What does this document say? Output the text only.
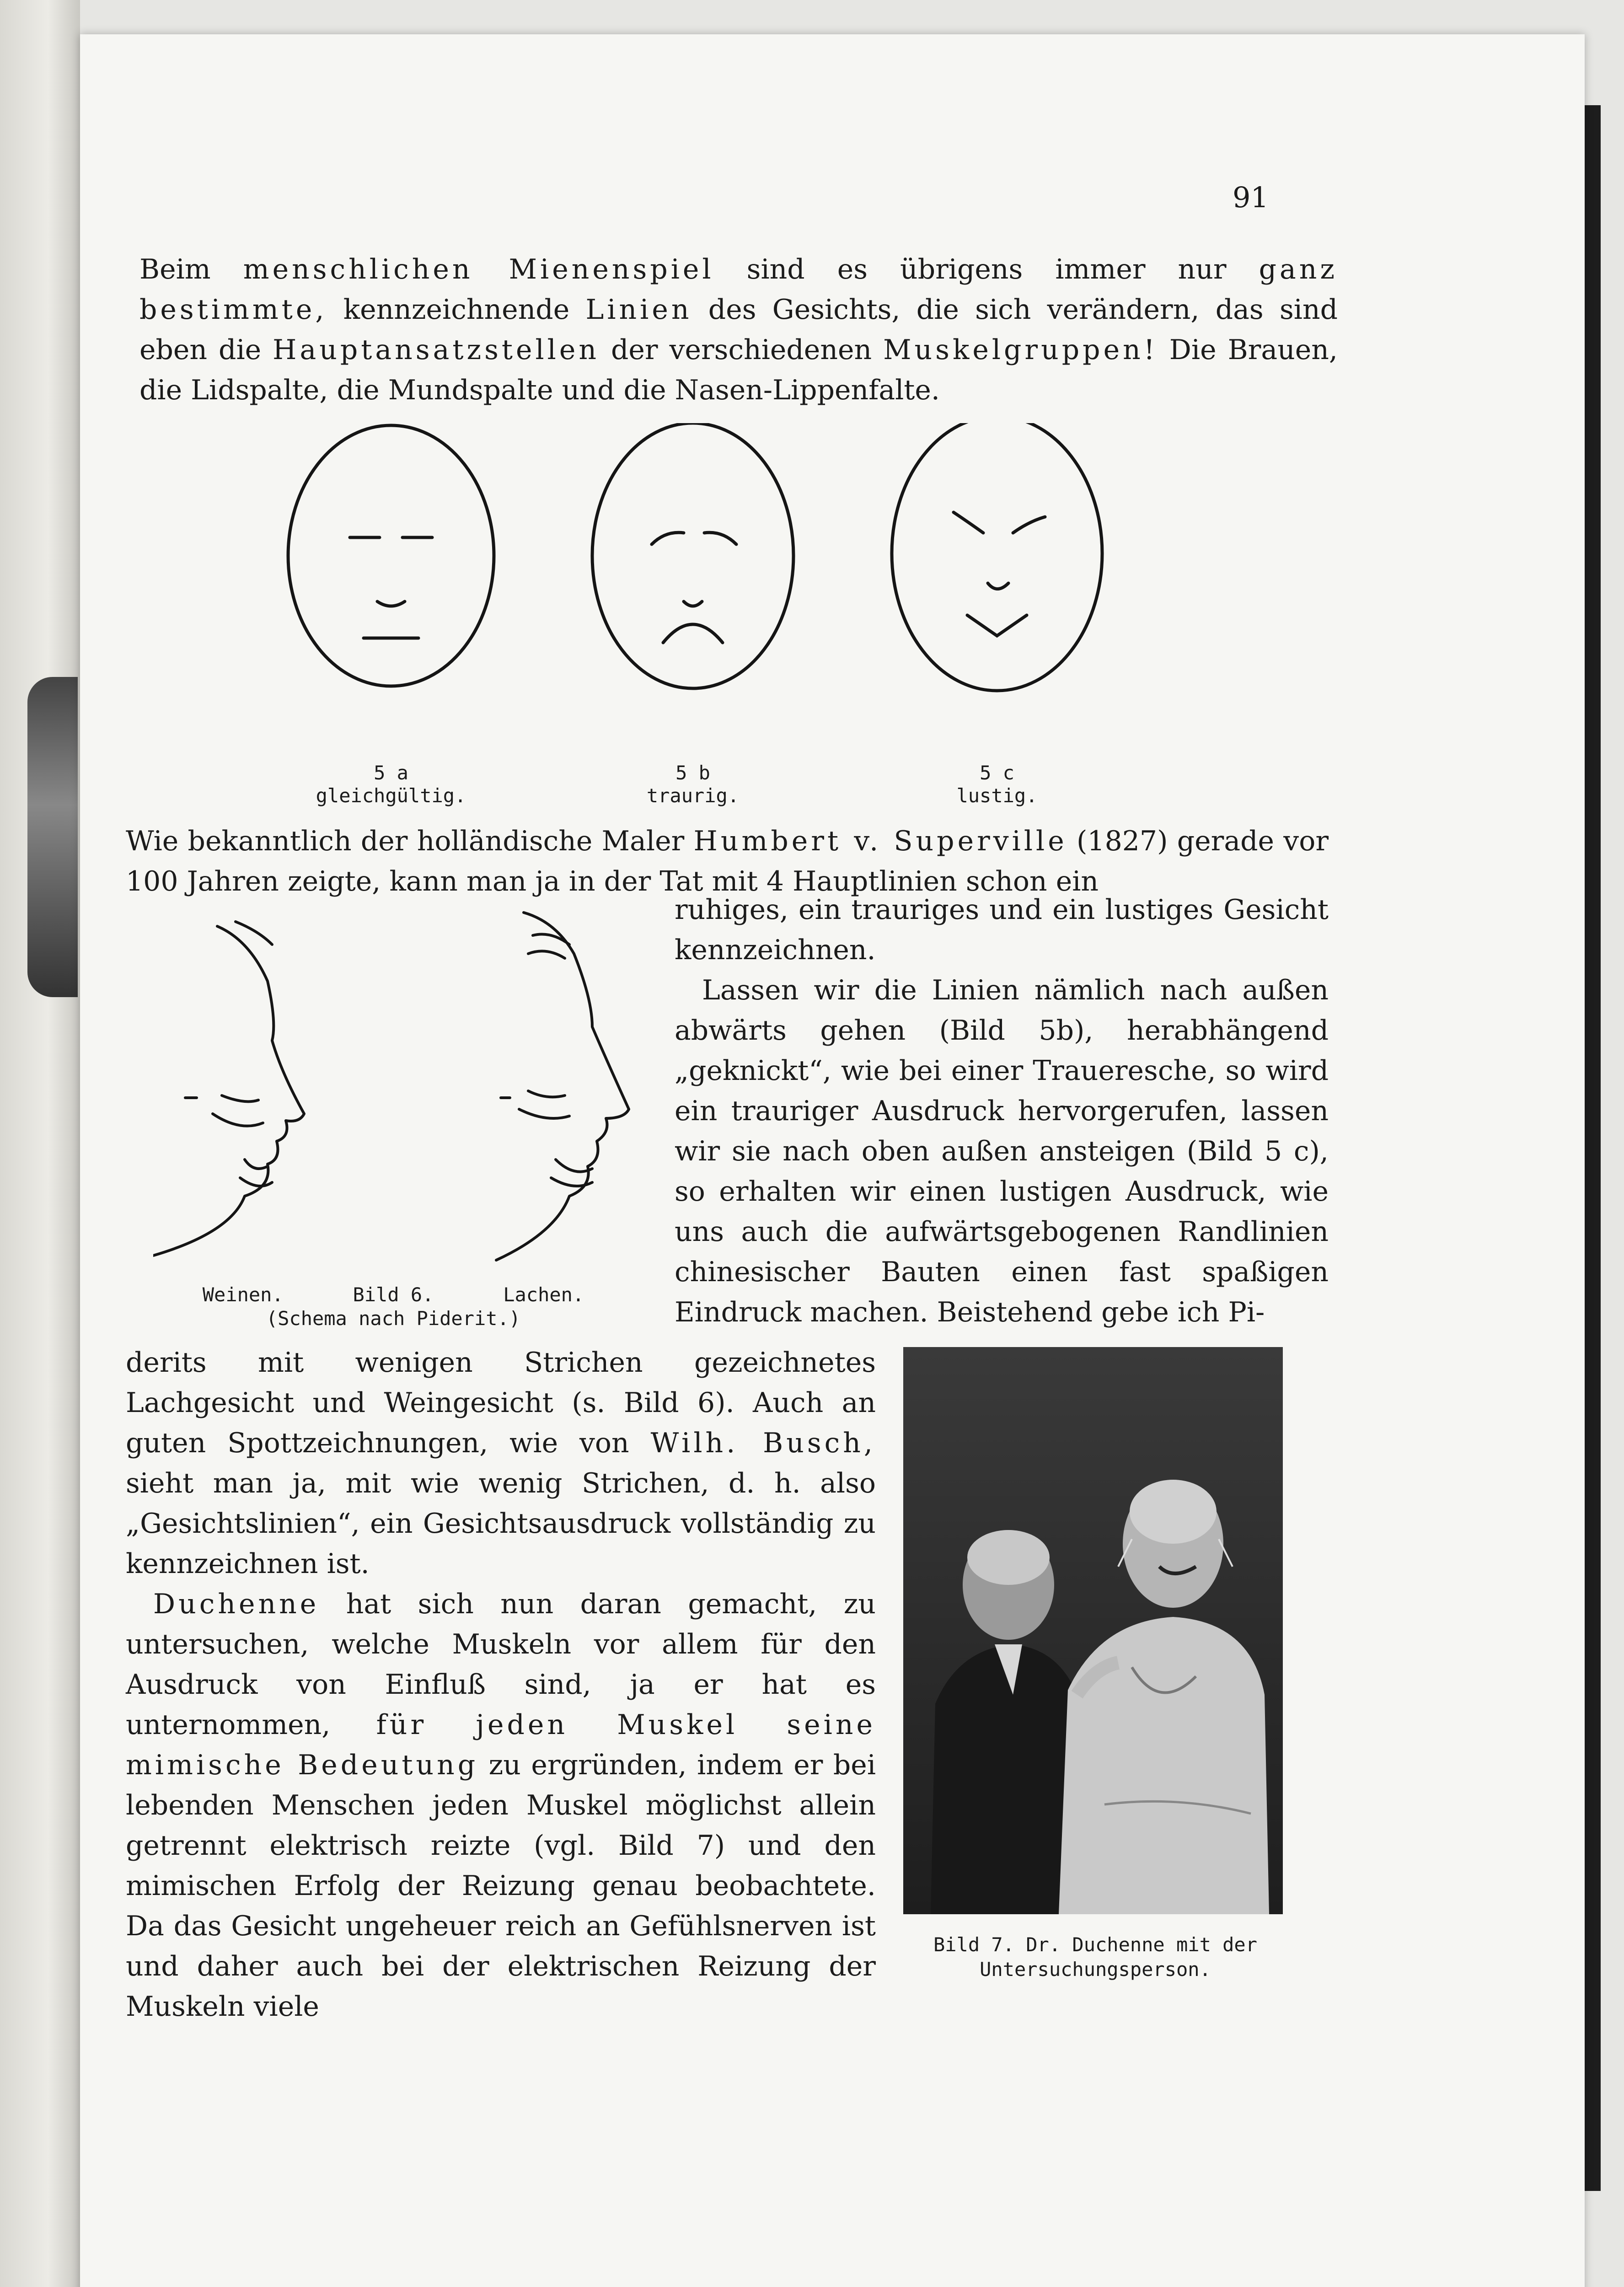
91

Beim menschlichen Mienenspiel sind es übrigens immer nur ganz bestimmte, kennzeichnende Linien des Gesichts, die sich verändern, das sind eben die Hauptansatzstellen der verschiedenen Muskelgruppen! Die Brauen, die Lidspalte, die Mundspalte und die Nasen-Lippenfalte.

5 a
gleichgültig.
5 b
traurig.
5 c
lustig.

Wie bekanntlich der holländische Maler Humbert v. Superville (1827) gerade vor 100 Jahren zeigte, kann man ja in der Tat mit 4 Hauptlinien schon ein

Weinen.	Bild 6.	Lachen.
(Schema nach Piderit.)

ruhiges, ein trauriges und ein lustiges Gesicht kennzeichnen.

Lassen wir die Linien nämlich nach außen abwärts gehen (Bild 5b), herabhängend „geknickt“, wie bei einer Traueresche, so wird ein trauriger Ausdruck hervorgerufen, lassen wir sie nach oben außen ansteigen (Bild 5 c), so erhalten wir einen lustigen Ausdruck, wie uns auch die aufwärtsgebogenen Randlinien chinesischer Bauten einen fast spaßigen Eindruck machen. Beistehend gebe ich Pi-

derits mit wenigen Strichen gezeichnetes Lachgesicht und Weingesicht (s. Bild 6). Auch an guten Spottzeichnungen, wie von Wilh. Busch, sieht man ja, mit wie wenig Strichen, d. h. also „Gesichtslinien“, ein Gesichtsausdruck vollständig zu kennzeichnen ist.

Duchenne hat sich nun daran gemacht, zu untersuchen, welche Muskeln vor allem für den Ausdruck von Einfluß sind, ja er hat es unternommen, für jeden Muskel seine mimische Bedeutung zu ergründen, indem er bei lebenden Menschen jeden Muskel möglichst allein getrennt elektrisch reizte (vgl. Bild 7) und den mimischen Erfolg der Reizung genau beobachtete. Da das Gesicht ungeheuer reich an Gefühlsnerven ist und daher auch bei der elektrischen Reizung der Muskeln viele

Bild 7. Dr. Duchenne mit der Untersuchungsperson.
